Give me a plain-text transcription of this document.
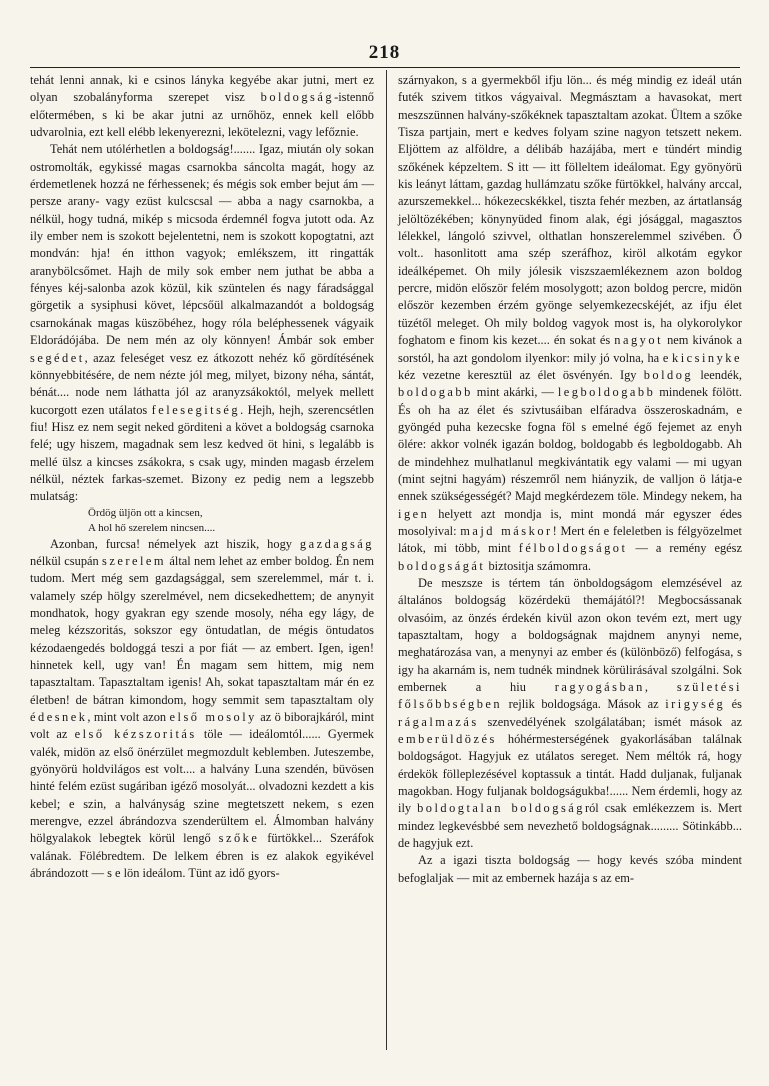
218

tehát lenni annak, ki e csinos lányka kegyébe akar jutni, mert ez olyan szobalányforma szerepet visz boldogság-istennő előtermében, s ki be akar jutni az urnőhöz, ennek kell előbb udvarolnia, ezt kell elébb lekenyerezni, lekötelezni, vagy lefőznie.

Tehát nem utólérhetlen a boldogság!....... Igaz, miután oly sokan ostromolták, egykissé magas csarnokba sáncolta magát, hogy az érdemetlenek hozzá ne férhessenek; és mégis sok ember bejut ám — persze arany- vagy ezüst kulcscsal — abba a nagy csarnokba, a nélkül, hogy tudná, mikép s micsoda érdemnél fogva jutott oda. Az ily ember nem is szokott bejelentetni, nem is szokott kopogtatni, azt mondván: hja! én itthon vagyok; emlékszem, itt ringatták aranybölcsőmet. Hajh de mily sok ember nem juthat be abba a fényes kéj-salonba azok közül, kik szüntelen és nagy fáradsággal görgetik a sysiphusi követ, lépcsőül alkalmazandót a boldogság csarnokának magas küszöbéhez, hogy róla beléphessenek vágyaik Eldorádójába. De nem mén az oly könnyen! Ámbár sok ember segédet, azaz feleséget vesz ez átkozott nehéz kő gördítésének könnyebbitésére, de nem nézte jól meg, milyet, bizony néha, sántát, bénát.... node nem láthatta jól az aranyzsákoktól, melyek mellett kucorgott ezen utálatos felesegitség. Hejh, hejh, szerencsétlen fiu! Hisz ez nem segit neked görditeni a követ a boldogság csarnoka felé; ugy hiszem, magadnak sem lesz kedved öt hini, s legalább is mellé ülsz a kincses zsákokra, s csak ugy, minden magasb érzelem nélkül, néztek farkas-szemet. Bizony ez pedig nem a legszebb mulatság:

Ördög üljön ott a kincsen,

A hol hő szerelem nincsen....

Azonban, furcsa! némelyek azt hiszik, hogy gazdagság nélkül csupán szerelem által nem lehet az ember boldog. Én nem tudom. Mert még sem gazdagsággal, sem szerelemmel, már t. i. valamely szép hölgy szerelmével, nem dicsekedhettem; de anynyit mondhatok, hogy gyakran egy szende mosoly, néha egy lágy, de meleg kézszoritás, sokszor egy öntudatlan, de mégis öntudatos kézodaengedés boldoggá teszi a por fiát — az embert. Igen, igen! hinnetek kell, ugy van! Én magam sem hittem, mig nem tapasztaltam. Tapasztaltam igenis! Ah, sokat tapasztaltam már én ez életben! de bátran kimondom, hogy semmit sem tapasztaltam oly édesnek, mint volt azon első mosoly az ö biborajkáról, mint volt az első kézszoritás töle — ideálomtól...... Gyermek valék, midön az első önérzület megmozdult keblemben. Juteszembe, gyönyörü holdvilágos est volt.... a halvány Luna szendén, büvösen hinté felém ezüst sugáriban igéző mosolyát... olvadozni kezdett a kis kebel; e szin, a halványság szine megtetszett nekem, s ezen merengve, ezzel ábrándozva szenderültem el. Álmomban halvány hölgyalakok lebegtek körül lengő szőke fürtökkel... Szeráfok valának. Fölébredtem. De lelkem ébren is ez alakok egyikével ábrándozott — s e lön ideálom. Tünt az idő gyors-

szárnyakon, s a gyermekből ifju lön... és még mindig ez ideál után futék szivem titkos vágyaival. Megmásztam a havasokat, mert meszszünnen halvány-szőkéknek tapasztaltam azokat. Ültem a szőke Tisza partjain, mert e kedves folyam szine nagyon tetszett nekem. Eljöttem az alföldre, a délibáb hazájába, mert e tündért mindig szőkének képzeltem. S itt — itt fölleltem ideálomat. Egy gyönyörü kis leányt láttam, gazdag hullámzatu szőke fürtökkel, halvány arccal, azurszemekkel... hókezecskékkel, tiszta fehér mezben, az ártatlanság jelöltözékében; könynyüded finom alak, égi jósággal, magasztos lélekkel, lángoló szivvel, olthatlan honszerelemmel szivében. Ő volt.. hasonlitott ama szép szeráfhoz, kiröl alkotám egykor ideálképemet. Oh mily jólesik viszszaemlékeznem azon boldog percre, midön először felém mosolygott; azon boldog percre, midön először kezemben érzém gyönge selyemkezecskéjét, az ifju élet tüzétől meleget. Oh mily boldog vagyok most is, ha olykorolykor foghatom e finom kis kezet.... én sokat és nagyot nem kivánok a sorstól, ha azt gondolom ilyenkor: mily jó volna, ha e kicsinyke kéz vezetne keresztül az élet ösvényén. Igy boldog leendék, boldogabb mint akárki, — legboldogabb mindenek fölött. És oh ha az élet és szivtusáiban elfáradva összeroskadnám, e gyöngéd puha kezecske fogna föl s emelné égő fejemet az enyh ölére: akkor volnék igazán boldog, boldogabb és legboldogabb. Ah de mindehhez mulhatlanul megkivántatik egy valami — mi ugyan (mint sejtni hagyám) részemről nem hiányzik, de valljon ö látja-e ennek szükségességét? Majd megkérdezem töle. Mindegy nekem, ha igen helyett azt mondja is, mint mondá már egyszer édes mosolyival: majd máskor! Mert én e feleletben is félgyözelmet látok, mi több, mint félboldogságot — a remény egész boldogságát biztositja számomra.

De meszsze is tértem tán önboldogságom elemzésével az általános boldogság közérdekü themájától?! Megbocsássanak olvasóim, az önzés érdekén kivül azon okon tevém ezt, mert ugy tapasztaltam, hogy a boldogságnak majdnem anynyi neme, meghatározása van, a menynyi az ember és (különböző) felfogása, s igy ha akarnám is, nem tudnék mindnek körülirásával szolgálni. Sok embernek a hiu ragyogásban, születési főlsőbbségben rejlik boldogsága. Mások az irigység és rágalmazás szenvedélyének szolgálatában; ismét mások az emberüldözés hóhérmesterségének gyakorlásában találnak boldogságot. Hagyjuk ez utálatos sereget. Nem méltók rá, hogy érdekök fölleplezésével koptassuk a tintát. Hadd duljanak, fuljanak magokban. Hogy fuljanak boldogságukba!...... Nem érdemli, hogy az ily boldogtalan boldogságról csak emlékezzem is. Mert mindez legkevésbbé sem nevezhető boldogságnak......... Sötinkább... de hagyjuk ezt.

Az a igazi tiszta boldogság — hogy kevés szóba mindent befoglaljak — mit az embernek hazája s az em-
